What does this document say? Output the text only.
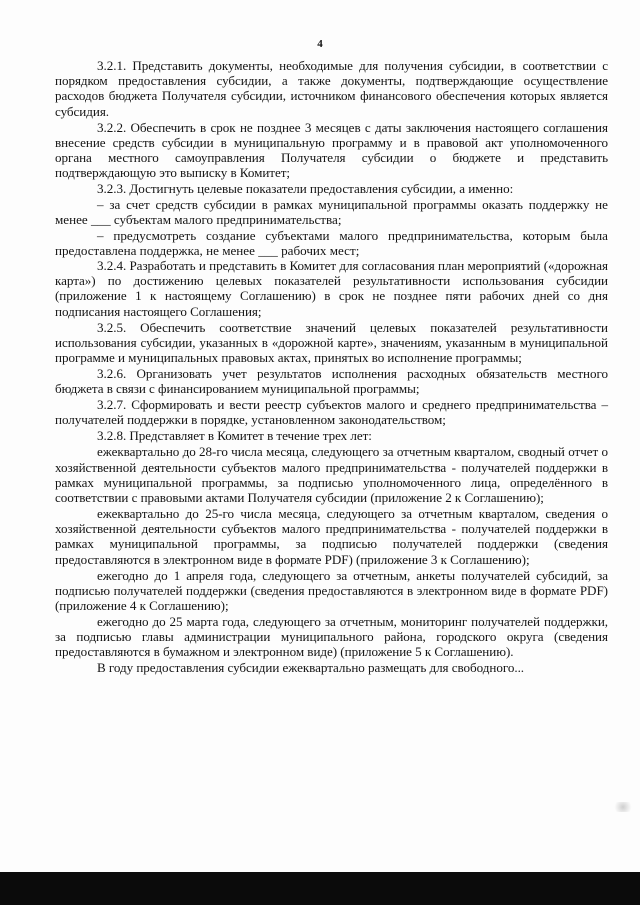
4

3.2.1. Представить документы, необходимые для получения субсидии, в соответствии с порядком предоставления субсидии, а также документы, подтверждающие осуществление расходов бюджета Получателя субсидии, источником финансового обеспечения которых является субсидия.

3.2.2. Обеспечить в срок не позднее 3 месяцев с даты заключения настоящего соглашения внесение средств субсидии в муниципальную программу и в правовой акт уполномоченного органа местного самоуправления Получателя субсидии о бюджете и представить подтверждающую это выписку в Комитет;

3.2.3. Достигнуть целевые показатели предоставления субсидии, а именно:

– за счет средств субсидии в рамках муниципальной программы оказать поддержку не менее ___ субъектам малого предпринимательства;

– предусмотреть создание субъектами малого предпринимательства, которым была предоставлена поддержка, не менее ___ рабочих мест;

3.2.4. Разработать и представить в Комитет для согласования план мероприятий («дорожная карта») по достижению целевых показателей результативности использования субсидии (приложение 1 к настоящему Соглашению) в срок не позднее пяти рабочих дней со дня подписания настоящего Соглашения;

3.2.5. Обеспечить соответствие значений целевых показателей результативности использования субсидии, указанных в «дорожной карте», значениям, указанным в муниципальной программе и муниципальных правовых актах, принятых во исполнение программы;

3.2.6. Организовать учет результатов исполнения расходных обязательств местного бюджета в связи с финансированием муниципальной программы;

3.2.7. Сформировать и вести реестр субъектов малого и среднего предпринимательства – получателей поддержки в порядке, установленном законодательством;

3.2.8. Представляет в Комитет в течение трех лет:

ежеквартально до 28-го числа месяца, следующего за отчетным кварталом, сводный отчет о хозяйственной деятельности субъектов малого предпринимательства - получателей поддержки в рамках муниципальной программы, за подписью уполномоченного лица, определённого в соответствии с правовыми актами Получателя субсидии (приложение 2 к Соглашению);

ежеквартально до 25-го числа месяца, следующего за отчетным кварталом, сведения о хозяйственной деятельности субъектов малого предпринимательства - получателей поддержки в рамках муниципальной программы, за подписью получателей поддержки (сведения предоставляются в электронном виде в формате PDF) (приложение 3 к Соглашению);

ежегодно до 1 апреля года, следующего за отчетным, анкеты получателей субсидий, за подписью получателей поддержки (сведения предоставляются в электронном виде в формате PDF) (приложение 4 к Соглашению);

ежегодно до 25 марта года, следующего за отчетным, мониторинг получателей поддержки, за подписью главы администрации муниципального района, городского округа (сведения предоставляются в бумажном и электронном виде) (приложение 5 к Соглашению).

В году предоставления субсидии ежеквартально размещать для свободного...
